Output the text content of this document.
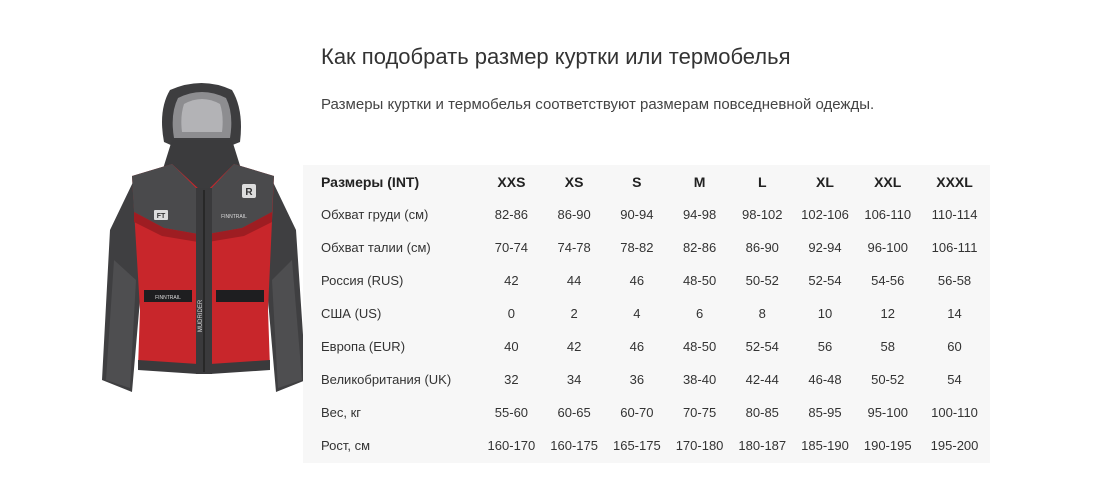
R
FT	FINNTRAIL
FINNTRAIL
MUDRIDER
Как подобрать размер куртки или термобелья
Размеры куртки и термобелья соответствуют размерам повседневной одежды.
Размеры (INT)	XXS	XS	S	M	L	XL	XXL	XXXL
Обхват груди (см)	82-86	86-90	90-94	94-98	98-102	102-106	106-110	110-114
Обхват талии (см)	70-74	74-78	78-82	82-86	86-90	92-94	96-100	106-111
Россия (RUS)	42	44	46	48-50	50-52	52-54	54-56	56-58
США (US)	0	2	4	6	8	10	12	14
Европа (EUR)	40	42	46	48-50	52-54	56	58	60
Великобритания (UK)	32	34	36	38-40	42-44	46-48	50-52	54
Вес, кг	55-60	60-65	60-70	70-75	80-85	85-95	95-100	100-110
Рост, см	160-170	160-175	165-175	170-180	180-187	185-190	190-195	195-200
